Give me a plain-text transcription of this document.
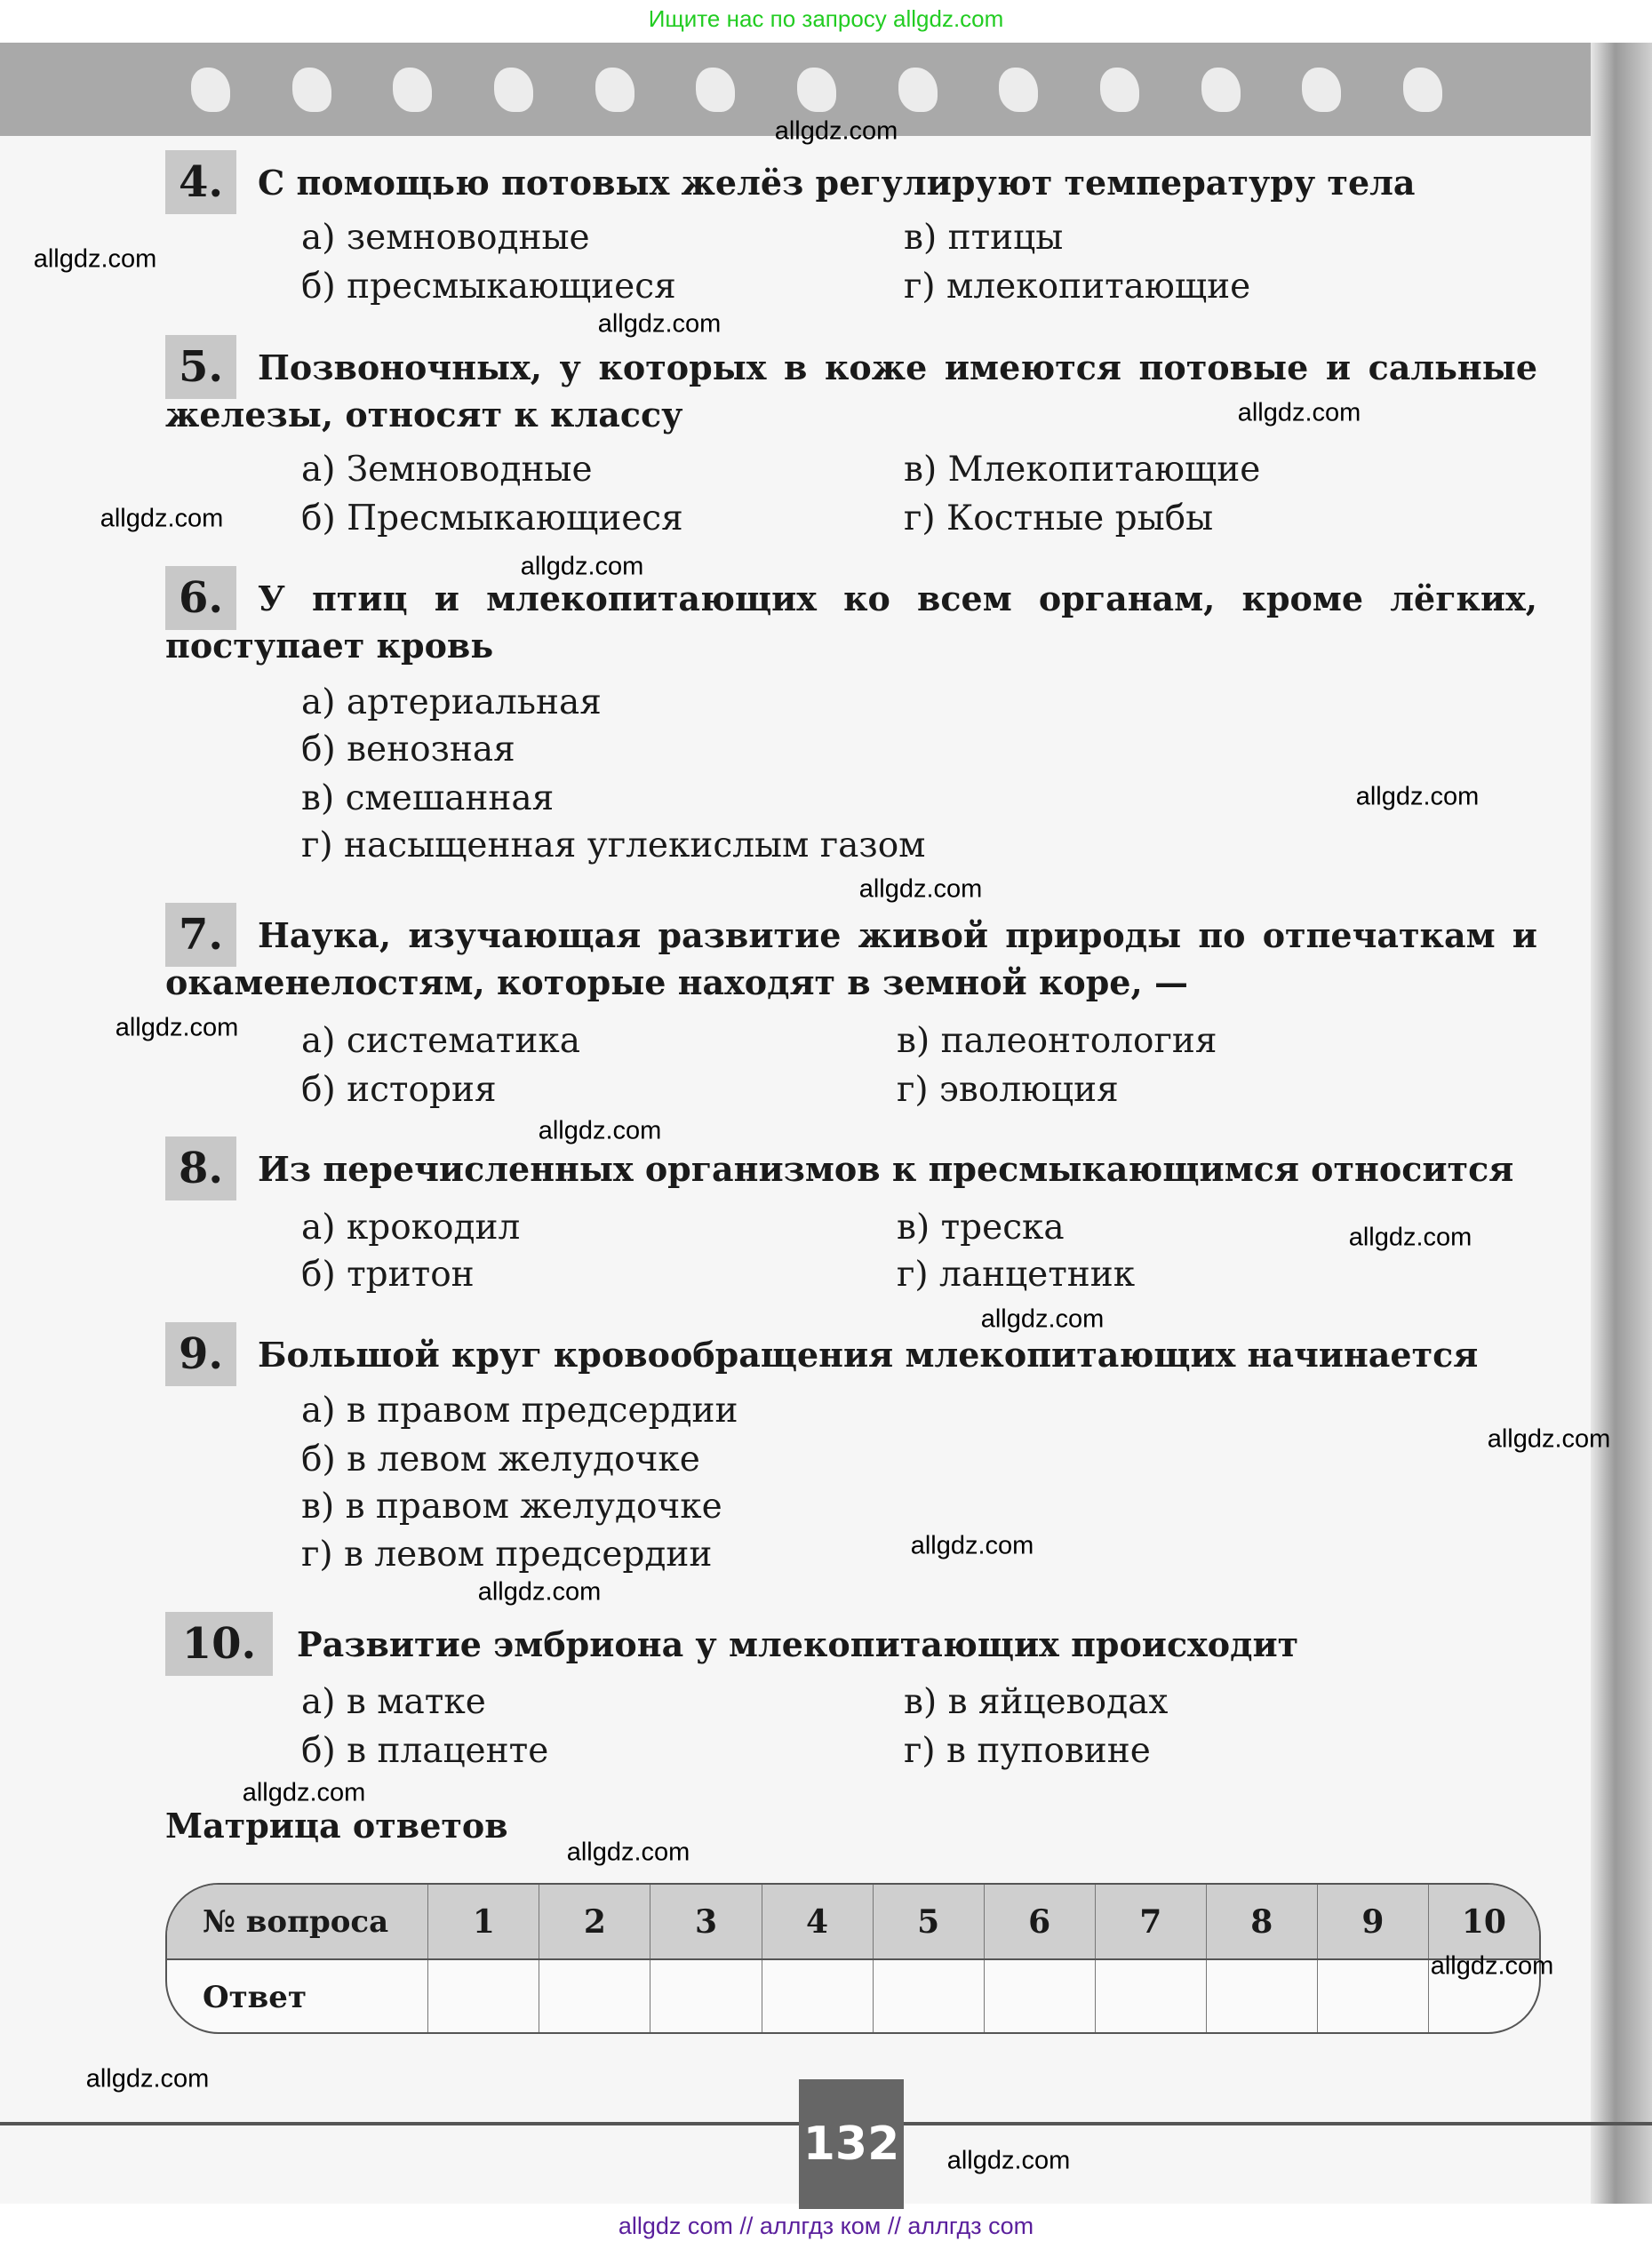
Ищите нас по запросу allgdz.com
4.	С помощью потовых желёз регулируют температуру тела
а) земноводные
б) пресмыкающиеся
в) птицы
г) млекопитающие
5.	Позвоночных, у которых в коже имеются потовые и сальные железы, относят к классу
а) Земноводные
б) Пресмыкающиеся
в) Млекопитающие
г) Костные рыбы
6.	У птиц и млекопитающих ко всем органам, кроме лёгких, поступает кровь
а) артериальная
б) венозная
в) смешанная
г) насыщенная углекислым газом
7.	Наука, изучающая развитие живой природы по отпечаткам и окаменелостям, которые находят в земной коре, —
а) систематика
б) история
в) палеонтология
г) эволюция
8.	Из перечисленных организмов к пресмыкающимся относится
а) крокодил
б) тритон
в) треска
г) ланцетник
9.	Большой круг кровообращения млекопитающих начинается
а) в правом предсердии
б) в левом желудочке
в) в правом желудочке
г) в левом предсердии
10.	Развитие эмбриона у млекопитающих происходит
а) в матке
б) в плаценте
в) в яйцеводах
г) в пуповине
Матрица ответов
№ вопроса	1	2	3	4	5	6	7	8	9	10
Ответ
132
allgdz.com
allgdz.com
allgdz.com
allgdz.com
allgdz.com
allgdz.com
allgdz.com
allgdz.com
allgdz.com
allgdz.com
allgdz.com
allgdz.com
allgdz.com
allgdz.com
allgdz.com
allgdz.com
allgdz.com
allgdz.com
allgdz.com
allgdz.com
allgdz com // аллгдз ком // аллгдз com
